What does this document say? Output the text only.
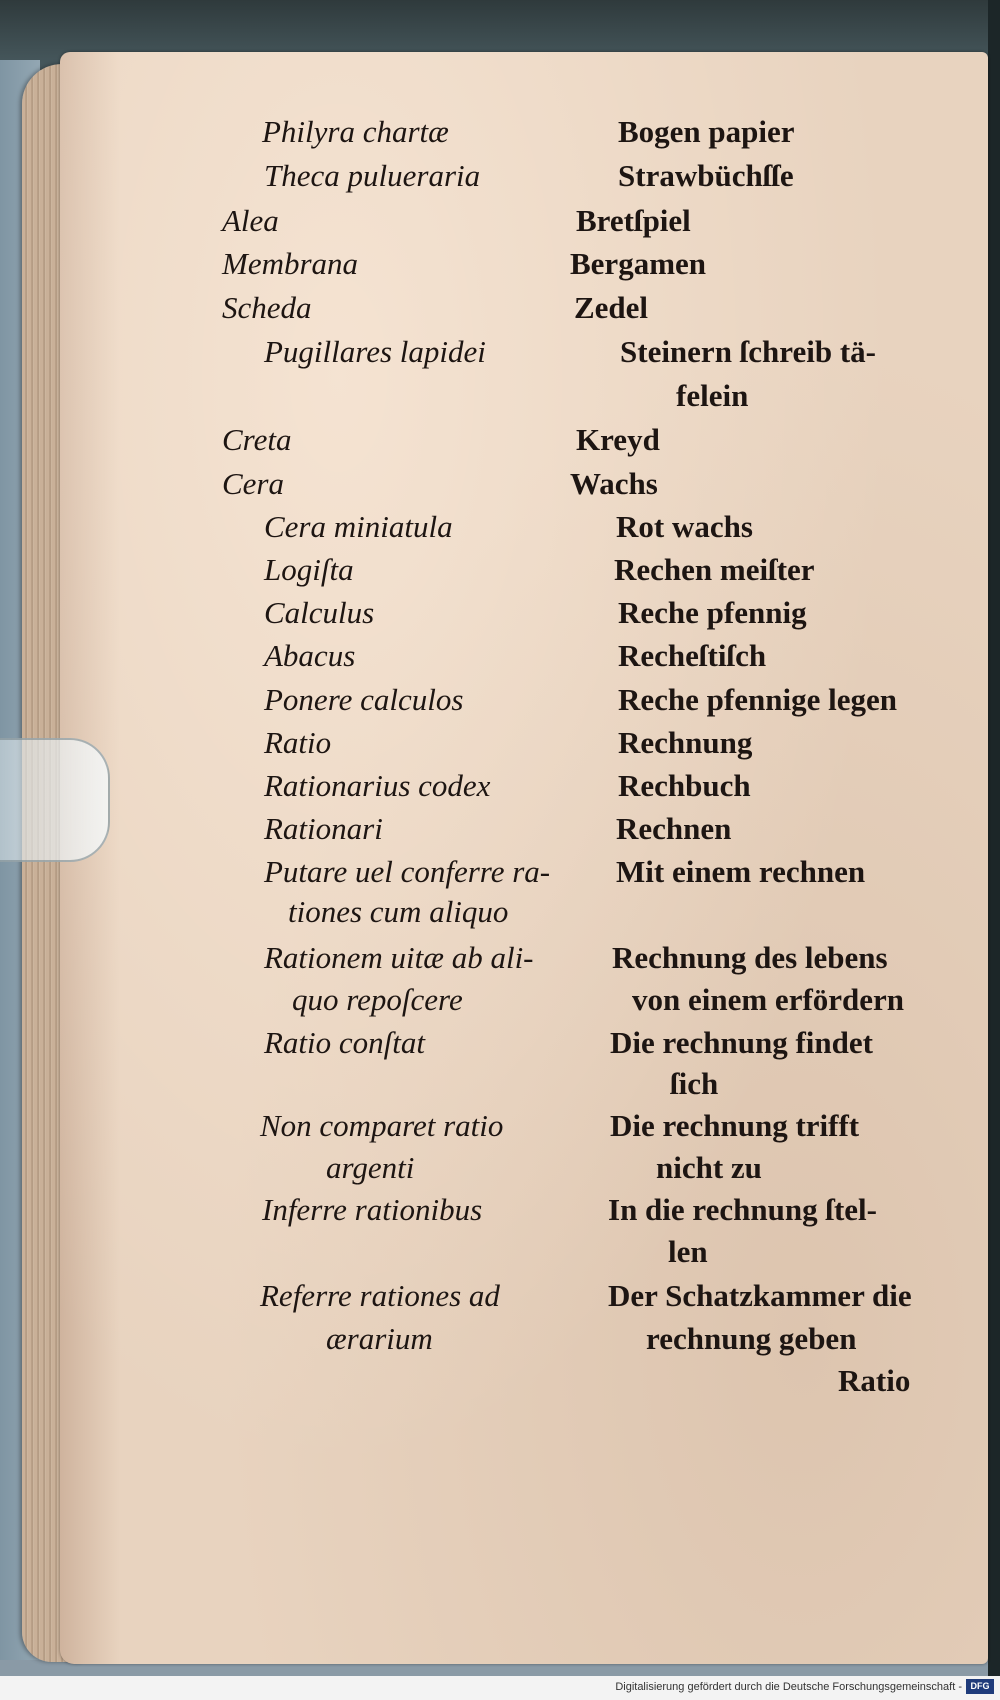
Philyra chartæ
Theca pulueraria
Alea
Membrana
Scheda
Pugillares lapidei
Creta
Cera
Cera miniatula
Logiſta
Calculus
Abacus
Ponere calculos
Ratio
Rationarius codex
Rationari
Putare uel conferre ra-
tiones cum aliquo
Rationem uitæ ab ali-
quo repoſcere
Ratio conſtat
Non comparet ratio
argenti
Inferre rationibus
Referre rationes ad
ærarium
Bogen papier
Strawbüchſſe
Bretſpiel
Bergamen
Zedel
Steinern ſchreib tä-
felein
Kreyd
Wachs
Rot wachs
Rechen meiſter
Reche pfennig
Recheſtiſch
Reche pfennige legen
Rechnung
Rechbuch
Rechnen
Mit einem rechnen
Rechnung des lebens
von einem erfördern
Die rechnung findet
ſich
Die rechnung trifft
nicht zu
In die rechnung ſtel-
len
Der Schatzkammer die
rechnung geben
Ratio
Digitalisierung gefördert durch die Deutsche Forschungsgemeinschaft - DFG
